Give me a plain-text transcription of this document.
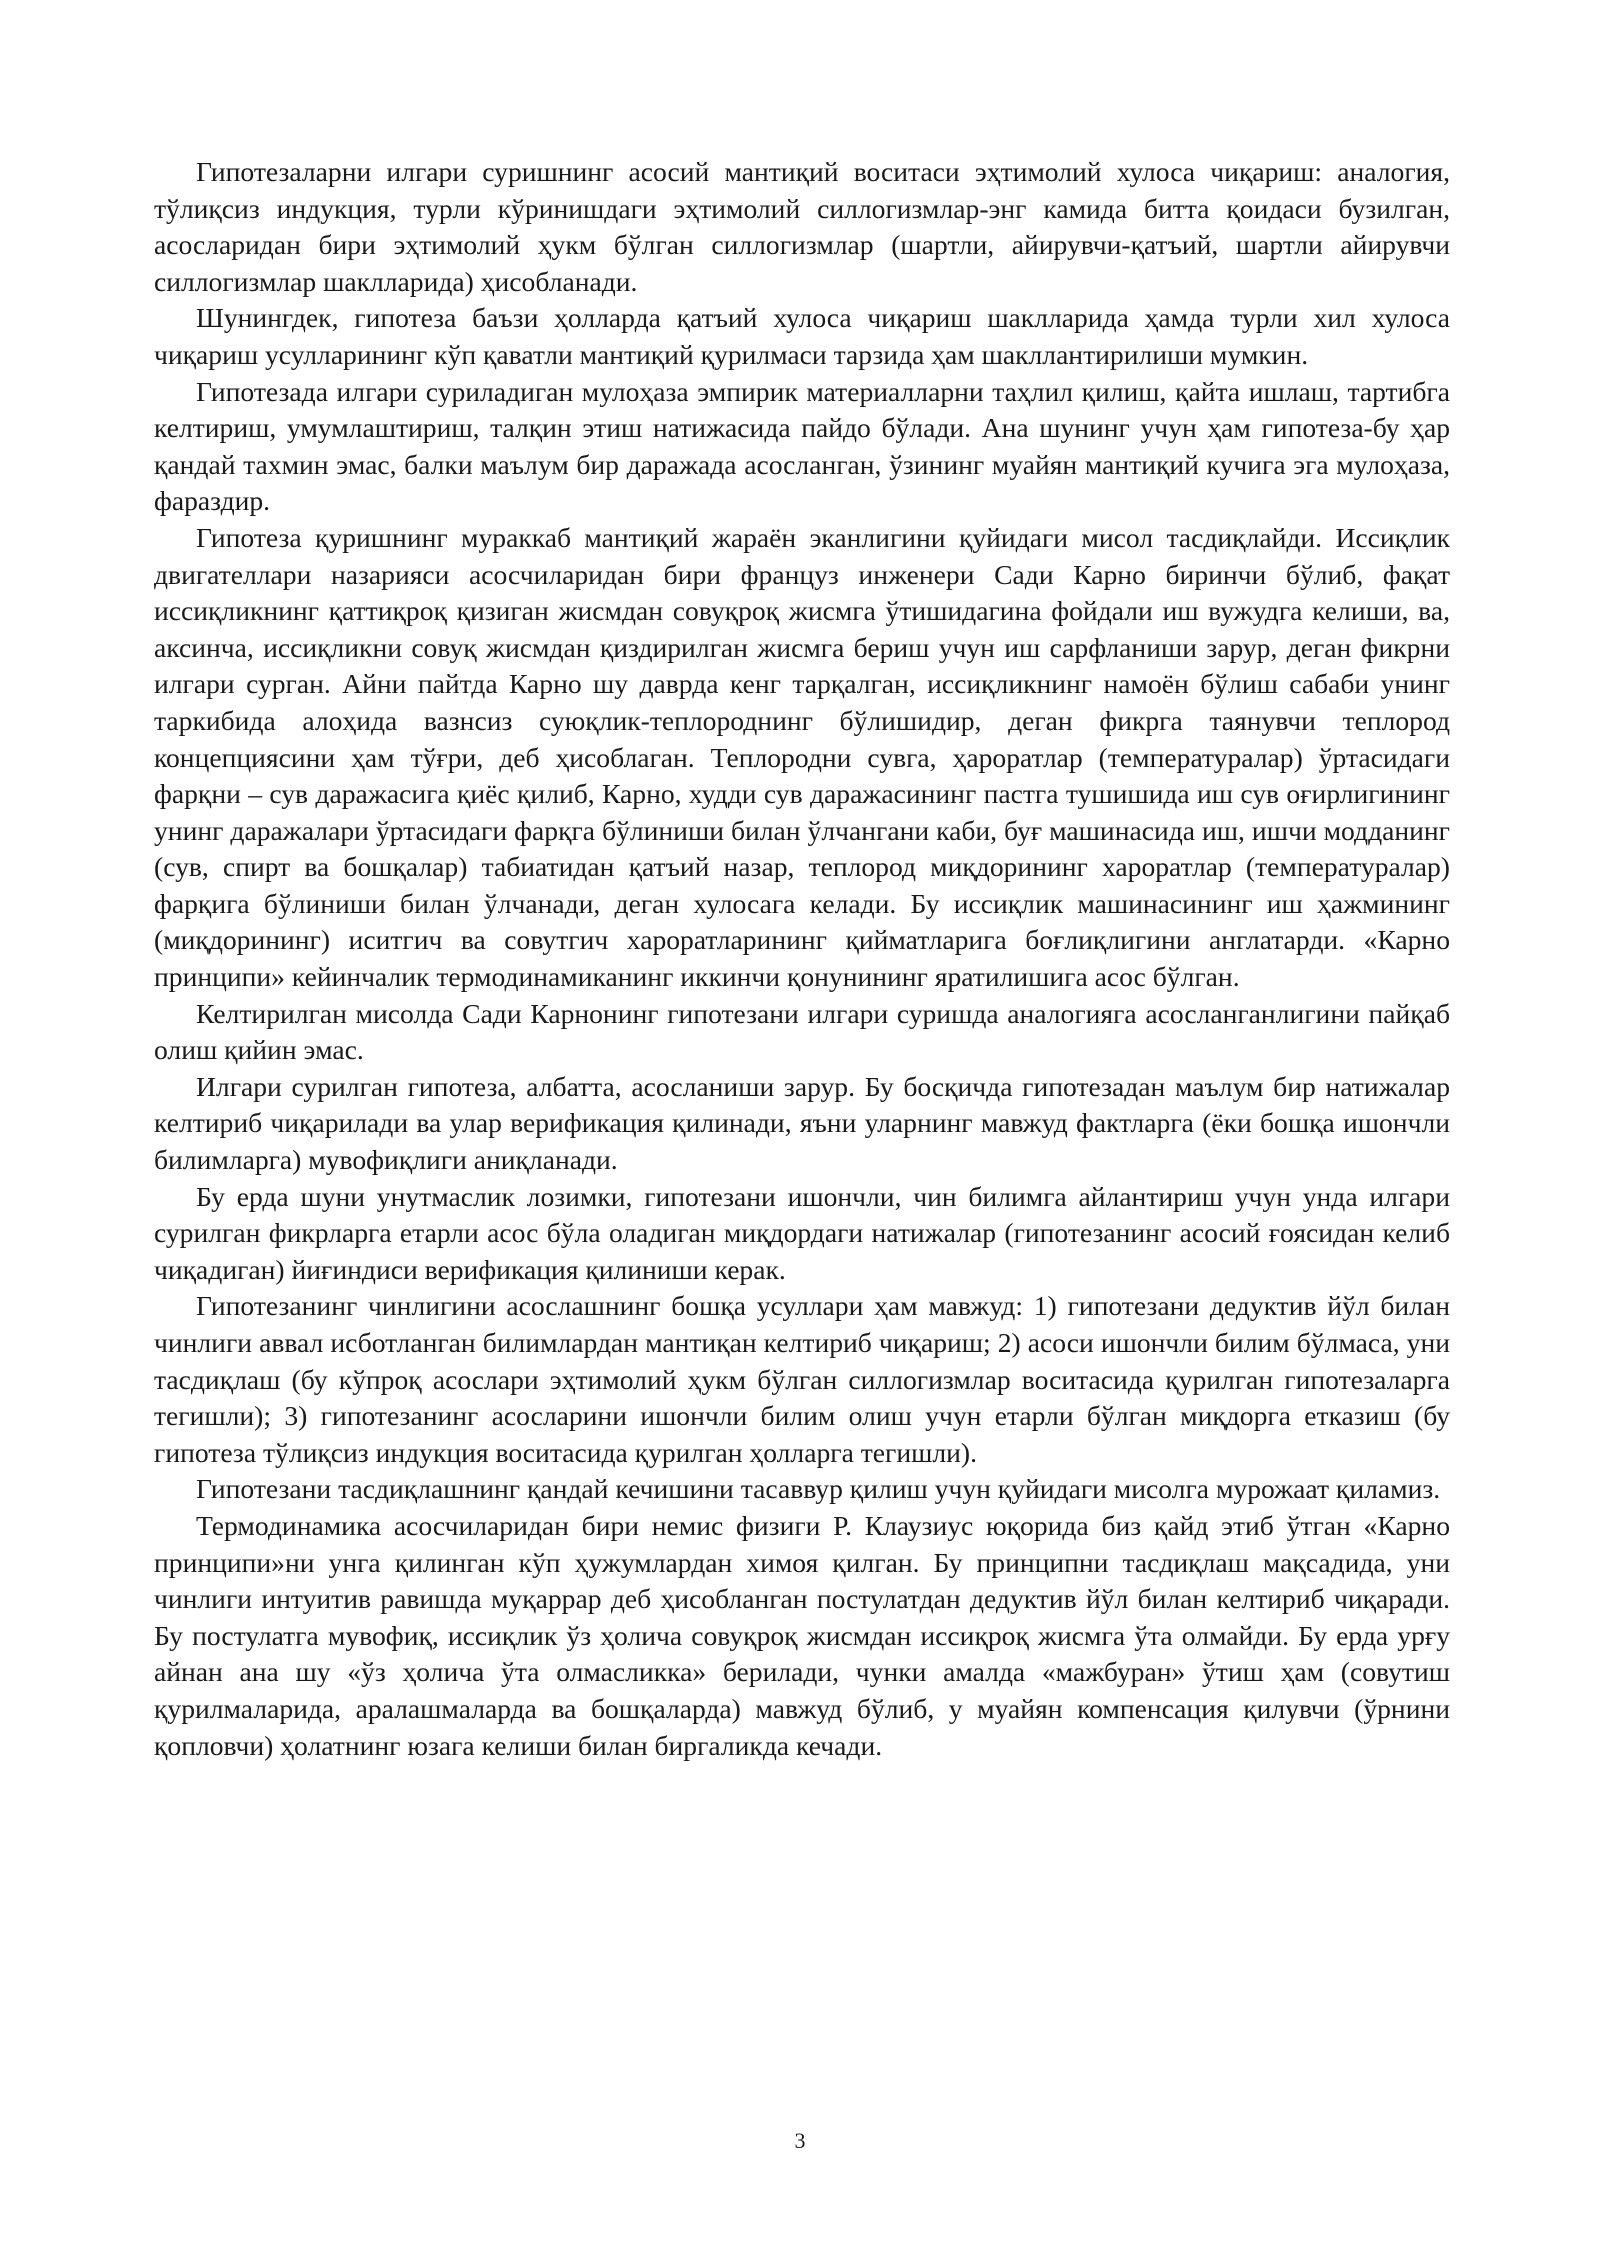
Гипотезаларни илгари суришнинг асосий мантиқий воситаси эҳтимолий хулоса чиқариш: аналогия, тўлиқсиз индукция, турли кўринишдаги эҳтимолий силлогизмлар-энг камида битта қоидаси бузилган, асосларидан бири эҳтимолий ҳукм бўлган силлогизмлар (шартли, айирувчи-қатъий, шартли айирувчи силлогизмлар шаклларида) ҳисобланади.

Шунингдек, гипотеза баъзи ҳолларда қатъий хулоса чиқариш шаклларида ҳамда турли хил хулоса чиқариш усулларининг кўп қаватли мантиқий қурилмаси тарзида ҳам шакллантирилиши мумкин.

Гипотезада илгари суриладиган мулоҳаза эмпирик материалларни таҳлил қилиш, қайта ишлаш, тартибга келтириш, умумлаштириш, талқин этиш натижасида пайдо бўлади. Ана шунинг учун ҳам гипотеза-бу ҳар қандай тахмин эмас, балки маълум бир даражада асосланган, ўзининг муайян мантиқий кучига эга мулоҳаза, фараздир.

Гипотеза қуришнинг мураккаб мантиқий жараён эканлигини қуйидаги мисол тасдиқлайди. Иссиқлик двигателлари назарияси асосчиларидан бири француз инженери Сади Карно биринчи бўлиб, фақат иссиқликнинг қаттиқроқ қизиган жисмдан совуқроқ жисмга ўтишидагина фойдали иш вужудга келиши, ва, аксинча, иссиқликни совуқ жисмдан қиздирилган жисмга бериш учун иш сарфланиши зарур, деган фикрни илгари сурган. Айни пайтда Карно шу даврда кенг тарқалган, иссиқликнинг намоён бўлиш сабаби унинг таркибида алоҳида вазнсиз суюқлик-теплороднинг бўлишидир, деган фикрга таянувчи теплород концепциясини ҳам тўғри, деб ҳисоблаган. Теплородни сувга, ҳароратлар (температуралар) ўртасидаги фарқни – сув даражасига қиёс қилиб, Карно, худди сув даражасининг пастга тушишида иш сув оғирлигининг унинг даражалари ўртасидаги фарқга бўлиниши билан ўлчангани каби, буғ машинасида иш, ишчи модданинг (сув, спирт ва бошқалар) табиатидан қатъий назар, теплород миқдорининг хароратлар (температуралар) фарқига бўлиниши билан ўлчанади, деган хулосага келади. Бу иссиқлик машинасининг иш ҳажмининг (миқдорининг) иситгич ва совутгич хароратларининг қийматларига боғлиқлигини англатарди. «Карно принципи» кейинчалик термодинамиканинг иккинчи қонунининг яратилишига асос бўлган.

Келтирилган мисолда Сади Карнонинг гипотезани илгари суришда аналогияга асосланганлигини пайқаб олиш қийин эмас.

Илгари сурилган гипотеза, албатта, асосланиши зарур. Бу босқичда гипотезадан маълум бир натижалар келтириб чиқарилади ва улар верификация қилинади, яъни уларнинг мавжуд фактларга (ёки бошқа ишончли билимларга) мувофиқлиги аниқланади.

Бу ерда шуни унутмаслик лозимки, гипотезани ишончли, чин билимга айлантириш учун унда илгари сурилган фикрларга етарли асос бўла оладиган миқдордаги натижалар (гипотезанинг асосий ғоясидан келиб чиқадиган) йиғиндиси верификация қилиниши керак.

Гипотезанинг чинлигини асослашнинг бошқа усуллари ҳам мавжуд: 1) гипотезани дедуктив йўл билан чинлиги аввал исботланган билимлардан мантиқан келтириб чиқариш; 2) асоси ишончли билим бўлмаса, уни тасдиқлаш (бу кўпроқ асослари эҳтимолий ҳукм бўлган силлогизмлар воситасида қурилган гипотезаларга тегишли); 3) гипотезанинг асосларини ишончли билим олиш учун етарли бўлган миқдорга етказиш (бу гипотеза тўлиқсиз индукция воситасида қурилган ҳолларга тегишли).

Гипотезани тасдиқлашнинг қандай кечишини тасаввур қилиш учун қуйидаги мисолга мурожаат қиламиз.

Термодинамика асосчиларидан бири немис физиги Р. Клаузиус юқорида биз қайд этиб ўтган «Карно принципи»ни унга қилинган кўп ҳужумлардан химоя қилган. Бу принципни тасдиқлаш мақсадида, уни чинлиги интуитив равишда муқаррар деб ҳисобланган постулатдан дедуктив йўл билан келтириб чиқаради. Бу постулатга мувофиқ, иссиқлик ўз ҳолича совуқроқ жисмдан иссиқроқ жисмга ўта олмайди. Бу ерда урғу айнан ана шу «ўз ҳолича ўта олмасликка» берилади, чунки амалда «мажбуран» ўтиш ҳам (совутиш қурилмаларида, аралашмаларда ва бошқаларда) мавжуд бўлиб, у муайян компенсация қилувчи (ўрнини қопловчи) ҳолатнинг юзага келиши билан биргаликда кечади.

3
